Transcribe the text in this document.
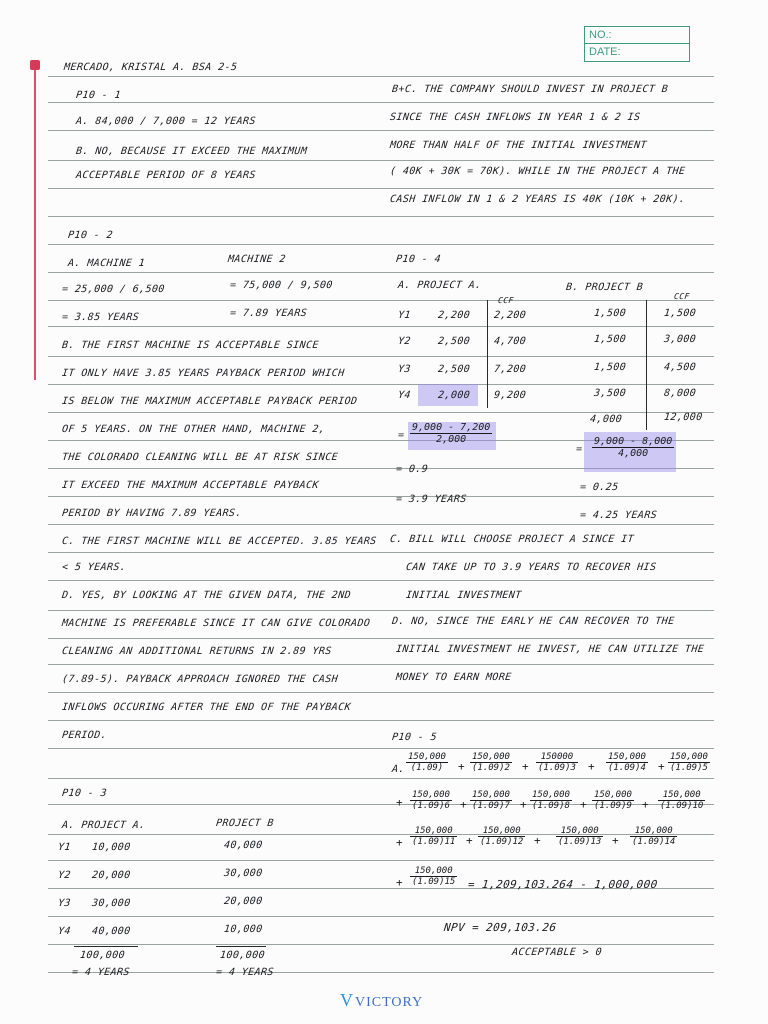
NO.:
DATE:
MERCADO, KRISTAL A. BSA 2-5
P10 - 1
A. 84,000 / 7,000 = 12 YEARS
B. NO, BECAUSE IT EXCEED THE MAXIMUM
ACCEPTABLE PERIOD OF 8 YEARS
P10 - 2
A. MACHINE 1	MACHINE 2
= 25,000 / 6,500	= 75,000 / 9,500
= 3.85 YEARS	= 7.89 YEARS
B. THE FIRST MACHINE IS ACCEPTABLE SINCE
IT ONLY HAVE 3.85 YEARS PAYBACK PERIOD WHICH
IS BELOW THE MAXIMUM ACCEPTABLE PAYBACK PERIOD
OF 5 YEARS. ON THE OTHER HAND, MACHINE 2,
THE COLORADO CLEANING WILL BE AT RISK SINCE
IT EXCEED THE MAXIMUM ACCEPTABLE PAYBACK
PERIOD BY HAVING 7.89 YEARS.
C. THE FIRST MACHINE WILL BE ACCEPTED. 3.85 YEARS
< 5 YEARS.
D. YES, BY LOOKING AT THE GIVEN DATA, THE 2ND
MACHINE IS PREFERABLE SINCE IT CAN GIVE COLORADO
CLEANING AN ADDITIONAL RETURNS IN 2.89 YRS
(7.89-5). PAYBACK APPROACH IGNORED THE CASH
INFLOWS OCCURING AFTER THE END OF THE PAYBACK
PERIOD.
P10 - 3
A. PROJECT A.	PROJECT B
Y1 10,000	40,000
Y2 20,000	30,000
Y3 30,000	20,000
Y4 40,000	10,000
100,000	100,000
= 4 YEARS	= 4 YEARS
B+C. THE COMPANY SHOULD INVEST IN PROJECT B
SINCE THE CASH INFLOWS IN YEAR 1 & 2 IS
MORE THAN HALF OF THE INITIAL INVESTMENT
( 40K + 30K = 70K). WHILE IN THE PROJECT A THE
CASH INFLOW IN 1 & 2 YEARS IS 40K (10K + 20K).
P10 - 4
A. PROJECT A.	B. PROJECT B
CCF	CCF
Y1	2,200 2,200	1,500	1,500
Y2	2,500 4,700	1,500	3,000
Y3	2,500 7,200	1,500	4,500
Y4	2,000 9,200	3,500	8,000
4,000	12,000
= $\frac{9,000 - 7,200}{2,000}$
= 0.9
= 3.9 YEARS
= $\frac{9,000 - 8,000}{4,000}$
= 0.25
= 4.25 YEARS
C. BILL WILL CHOOSE PROJECT A SINCE IT
CAN TAKE UP TO 3.9 YEARS TO RECOVER HIS
INITIAL INVESTMENT
D. NO, SINCE THE EARLY HE CAN RECOVER TO THE
INITIAL INVESTMENT HE INVEST, HE CAN UTILIZE THE
MONEY TO EARN MORE
P10 - 5
A. $\frac{150,000}{(1.09)} + \frac{150,000}{(1.09)2} + \frac{150000}{(1.09)3} + \frac{150,000}{(1.09)4} + \frac{150,000}{(1.09)5}$
+ $\frac{150,000}{(1.09)6} + \frac{150,000}{(1.09)7} + \frac{150,000}{(1.09)8} + \frac{150,000}{(1.09)9} + \frac{150,000}{(1.09)10}$
+ $\frac{150,000}{(1.09)11} + \frac{150,000}{(1.09)12} + \frac{150,000}{(1.09)13} + \frac{150,000}{(1.09)14}$
+ $\frac{150,000}{(1.09)15} = 1,209,103.264 - 1,000,000$
NPV = 209,103.26
ACCEPTABLE > 0
VVICTORY
